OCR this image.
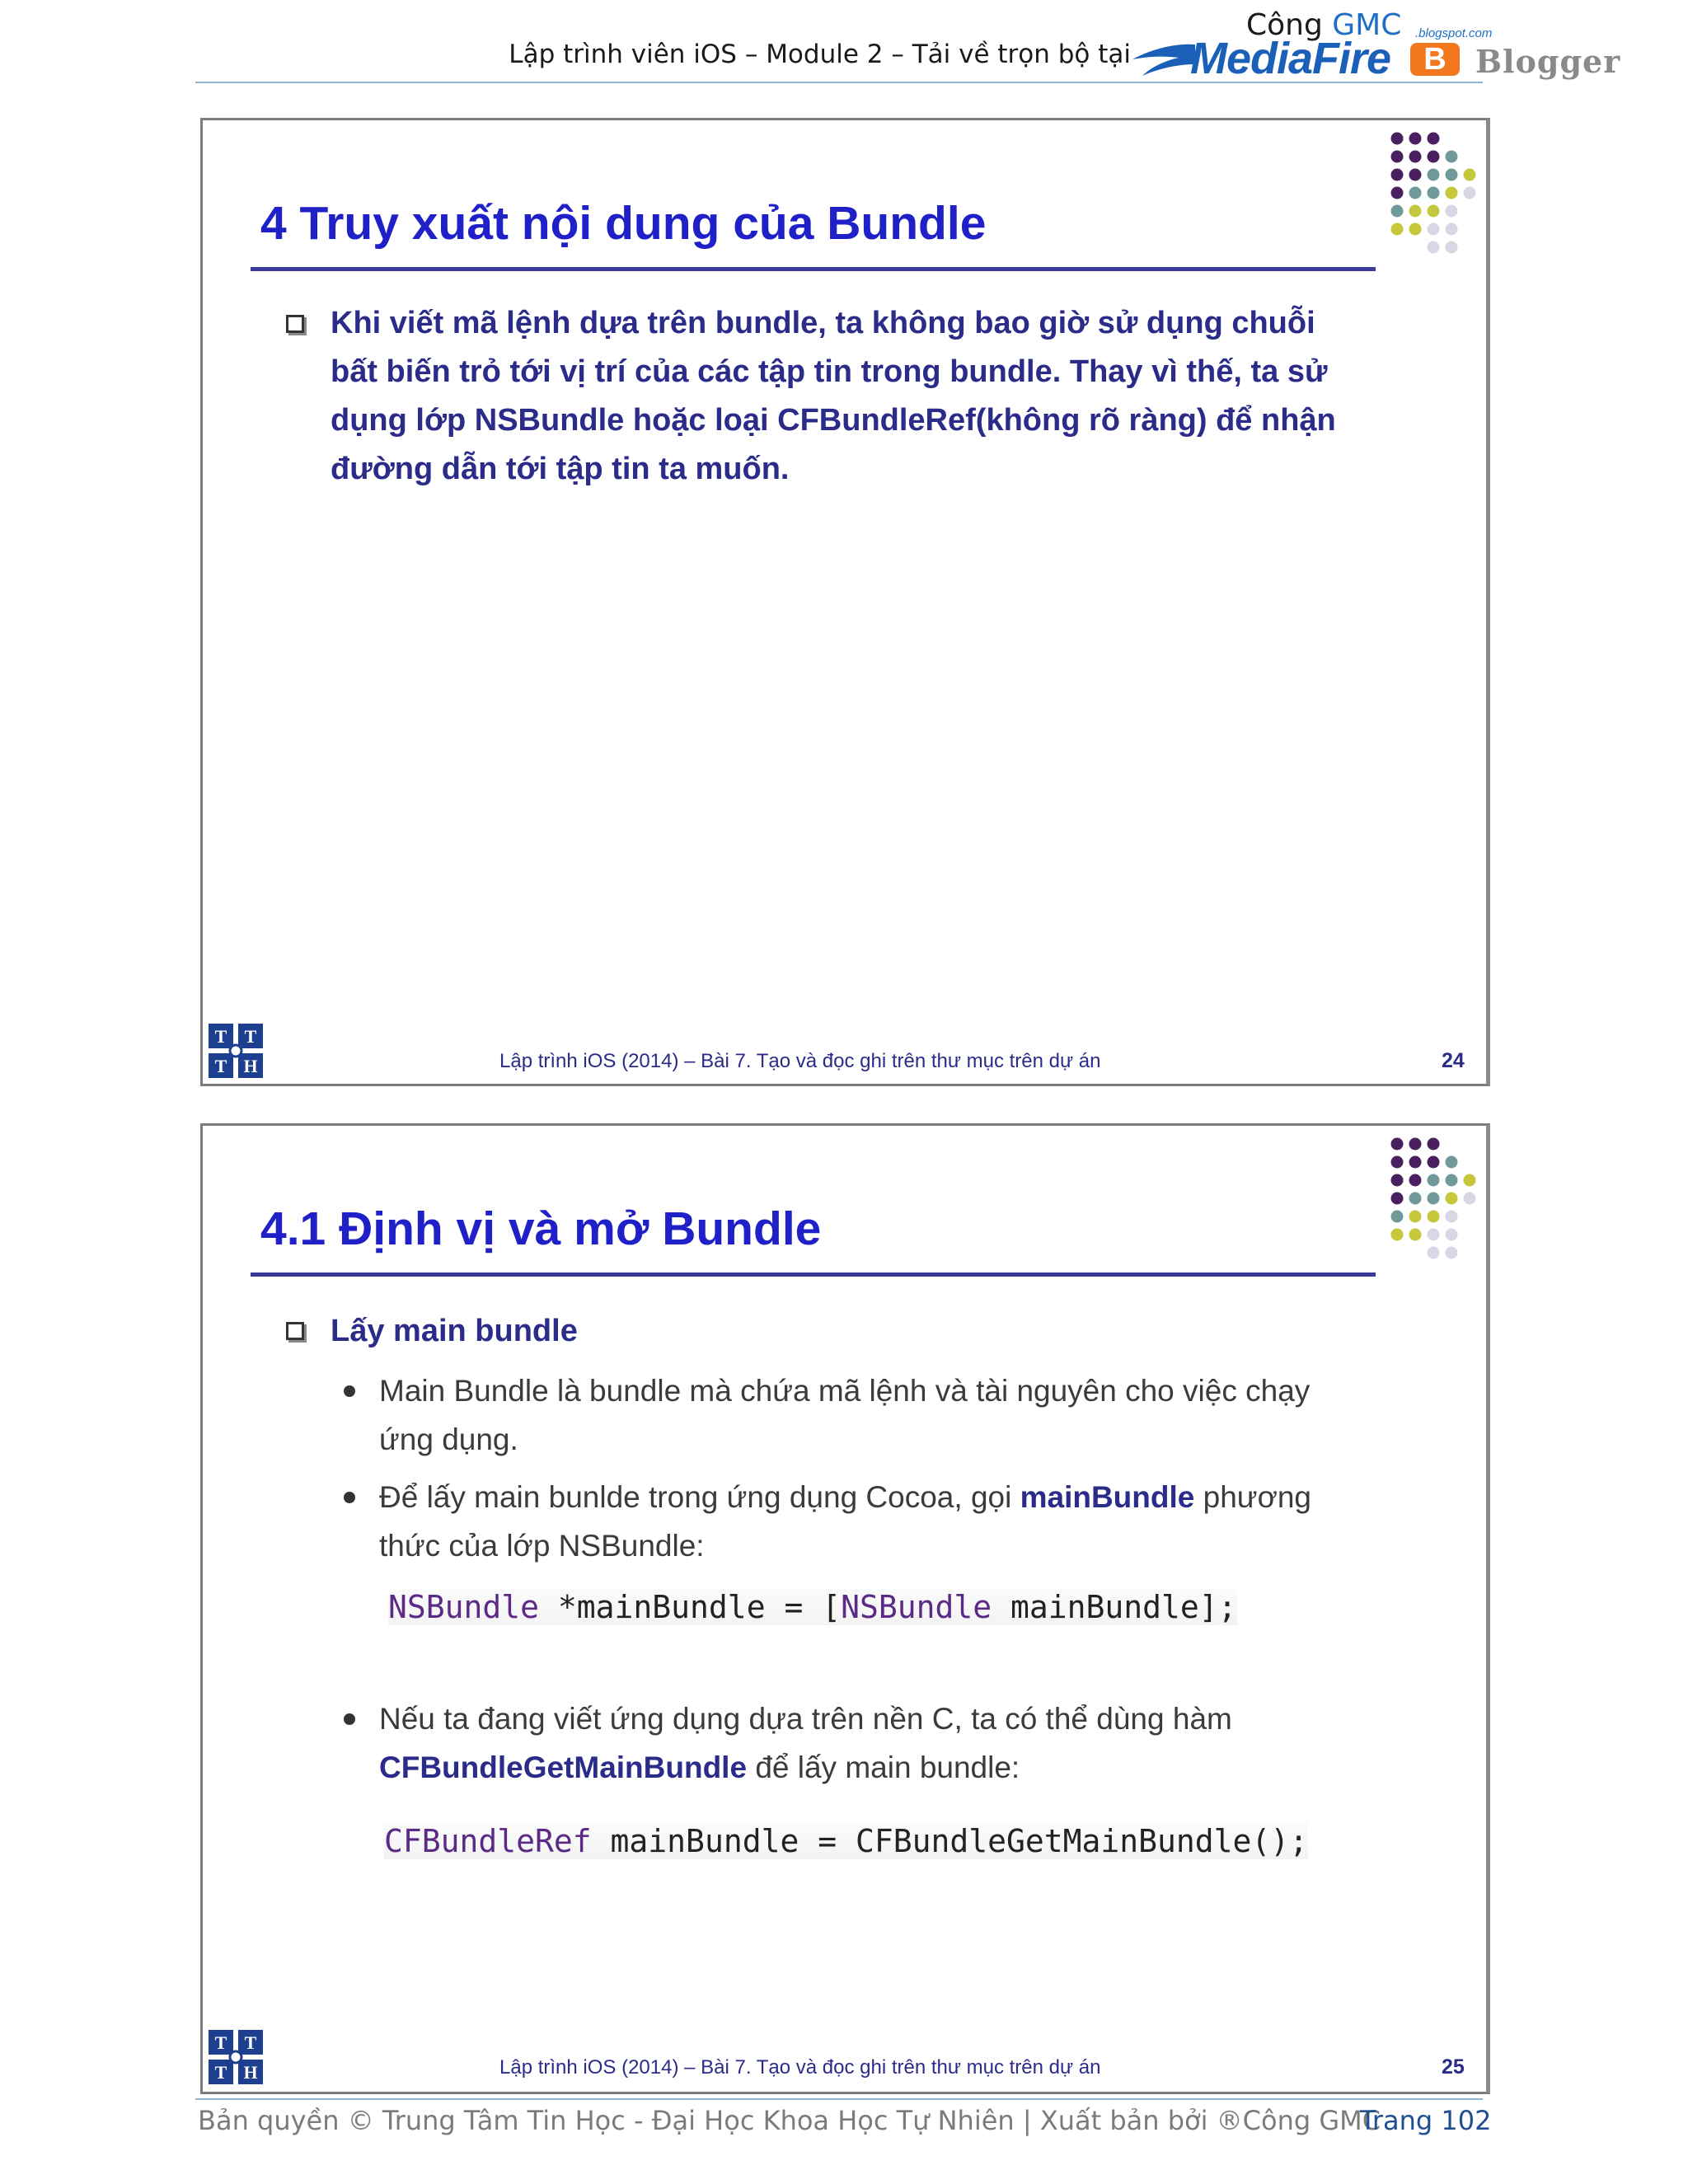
Lập trình viên iOS – Module 2 – Tải về trọn bộ tại
Công GMC .blogspot.com
MediaFire	B Blogger
4 Truy xuất nội dung của Bundle
Khi viết mã lệnh dựa trên bundle, ta không bao giờ sử dụng chuỗi
bất biến trỏ tới vị trí của các tập tin trong bundle. Thay vì thế, ta sử
dụng lớp NSBundle hoặc loại CFBundleRef(không rõ ràng) để nhận
đường dẫn tới tập tin ta muốn.
T T
T H	Lập trình iOS (2014) – Bài 7. Tạo và đọc ghi trên thư mục trên dự án	24
4.1 Định vị và mở Bundle
Lấy main bundle
Main Bundle là bundle mà chứa mã lệnh và tài nguyên cho việc chạy
ứng dụng.
Để lấy main bunlde trong ứng dụng Cocoa, gọi mainBundle phương
thức của lớp NSBundle:
NSBundle *mainBundle = [NSBundle mainBundle];
Nếu ta đang viết ứng dụng dựa trên nền C, ta có thể dùng hàm
CFBundleGetMainBundle để lấy main bundle:
CFBundleRef mainBundle = CFBundleGetMainBundle();
T T
T H	Lập trình iOS (2014) – Bài 7. Tạo và đọc ghi trên thư mục trên dự án	25
Bản quyền © Trung Tâm Tin Học - Đại Học Khoa Học Tự Nhiên | Xuất bản bởi ®Công GMC
Trang 102
